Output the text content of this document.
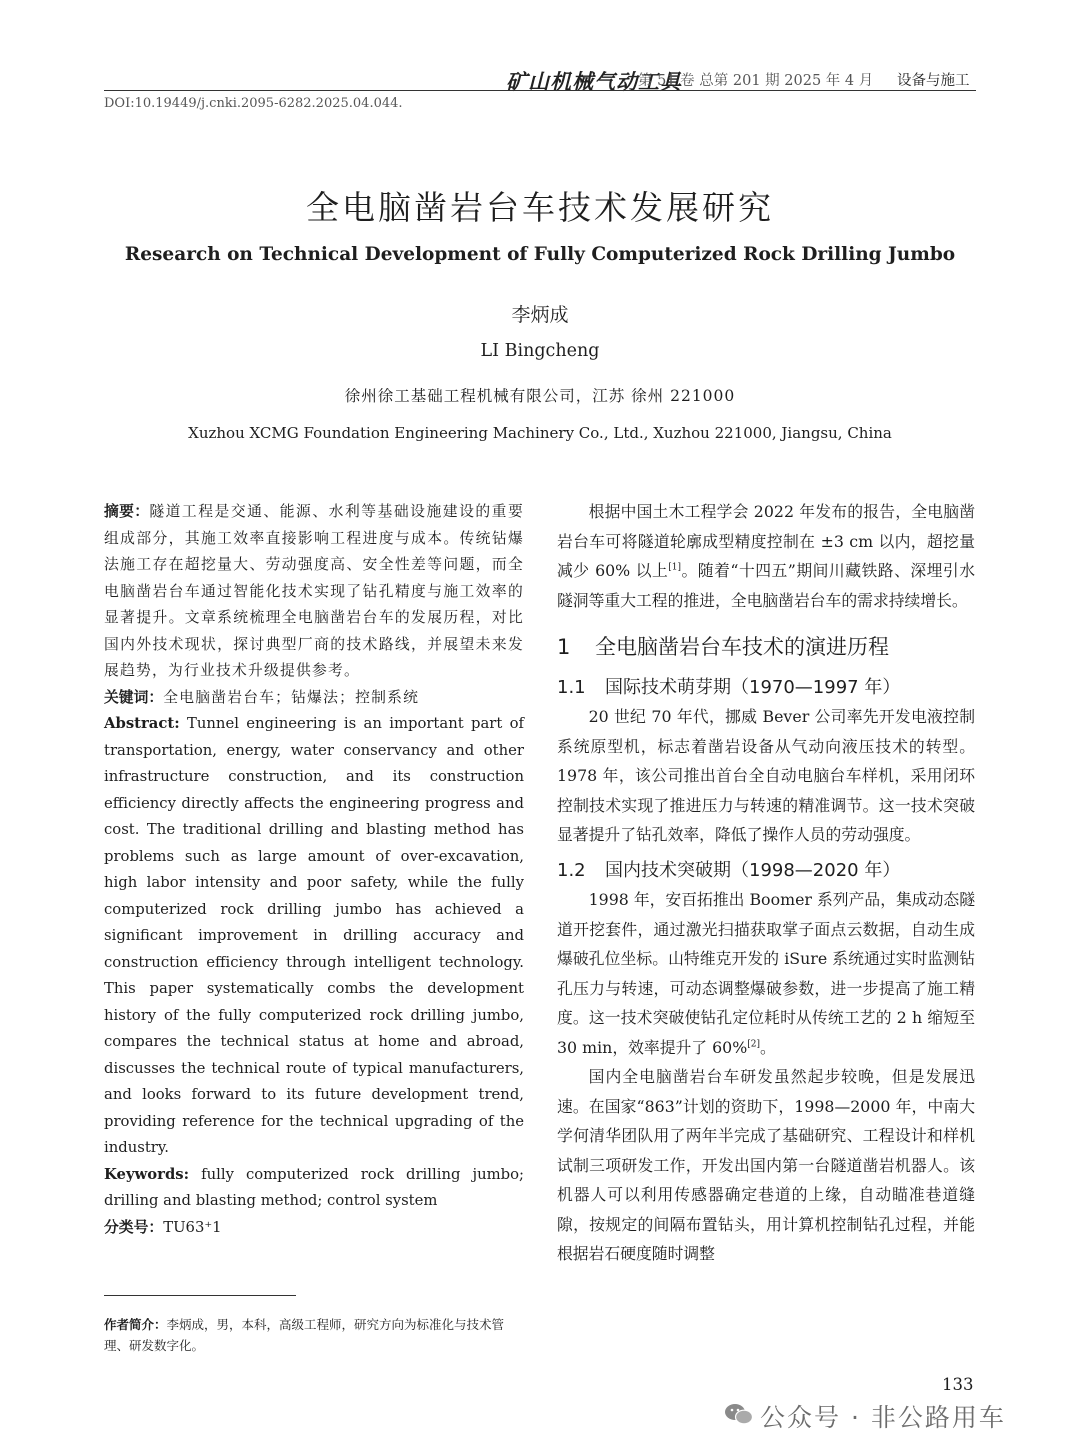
矿山机械气动工具
第 51 卷 总第 201 期 2025 年 4 月 设备与施工
DOI:10.19449/j.cnki.2095-6282.2025.04.044.
全电脑凿岩台车技术发展研究
Research on Technical Development of Fully Computerized Rock Drilling Jumbo
李炳成
LI Bingcheng
徐州徐工基础工程机械有限公司，江苏 徐州 221000
Xuzhou XCMG Foundation Engineering Machinery Co., Ltd., Xuzhou 221000, Jiangsu, China

摘要：隧道工程是交通、能源、水利等基础设施建设的重要组成部分，其施工效率直接影响工程进度与成本。传统钻爆法施工存在超挖量大、劳动强度高、安全性差等问题，而全电脑凿岩台车通过智能化技术实现了钻孔精度与施工效率的显著提升。文章系统梳理全电脑凿岩台车的发展历程，对比国内外技术现状，探讨典型厂商的技术路线，并展望未来发展趋势，为行业技术升级提供参考。

关键词：全电脑凿岩台车；钻爆法；控制系统

Abstract: Tunnel engineering is an important part of transportation, energy, water conservancy and other infrastructure construction, and its construction efficiency directly affects the engineering progress and cost. The traditional drilling and blasting method has problems such as large amount of over-excavation, high labor intensity and poor safety, while the fully computerized rock drilling jumbo has achieved a significant improvement in drilling accuracy and construction efficiency through intelligent technology. This paper systematically combs the development history of the fully computerized rock drilling jumbo, compares the technical status at home and abroad, discusses the technical route of typical manufacturers, and looks forward to its future development trend, providing reference for the technical upgrading of the industry.

Keywords: fully computerized rock drilling jumbo; drilling and blasting method; control system

分类号：TU63⁺1

作者简介：李炳成，男，本科，高级工程师，研究方向为标准化与技术管理、研发数字化。

根据中国土木工程学会 2022 年发布的报告，全电脑凿岩台车可将隧道轮廓成型精度控制在 ±3 cm 以内，超挖量减少 60% 以上[1]。随着“十四五”期间川藏铁路、深埋引水隧洞等重大工程的推进，全电脑凿岩台车的需求持续增长。

1 全电脑凿岩台车技术的演进历程
1.1 国际技术萌芽期（1970—1997 年）

20 世纪 70 年代，挪威 Bever 公司率先开发电液控制系统原型机，标志着凿岩设备从气动向液压技术的转型。1978 年，该公司推出首台全自动电脑台车样机，采用闭环控制技术实现了推进压力与转速的精准调节。这一技术突破显著提升了钻孔效率，降低了操作人员的劳动强度。

1.2 国内技术突破期（1998—2020 年）

1998 年，安百拓推出 Boomer 系列产品，集成动态隧道开挖套件，通过激光扫描获取掌子面点云数据，自动生成爆破孔位坐标。山特维克开发的 iSure 系统通过实时监测钻孔压力与转速，可动态调整爆破参数，进一步提高了施工精度。这一技术突破使钻孔定位耗时从传统工艺的 2 h 缩短至 30 min，效率提升了 60%[2]。

国内全电脑凿岩台车研发虽然起步较晚，但是发展迅速。在国家“863”计划的资助下，1998—2000 年，中南大学何清华团队用了两年半完成了基础研究、工程设计和样机试制三项研发工作，开发出国内第一台隧道凿岩机器人。该机器人可以利用传感器确定巷道的上缘，自动瞄准巷道缝隙，按规定的间隔布置钻头，用计算机控制钻孔过程，并能根据岩石硬度随时调整

133
公众号 · 非公路用车
